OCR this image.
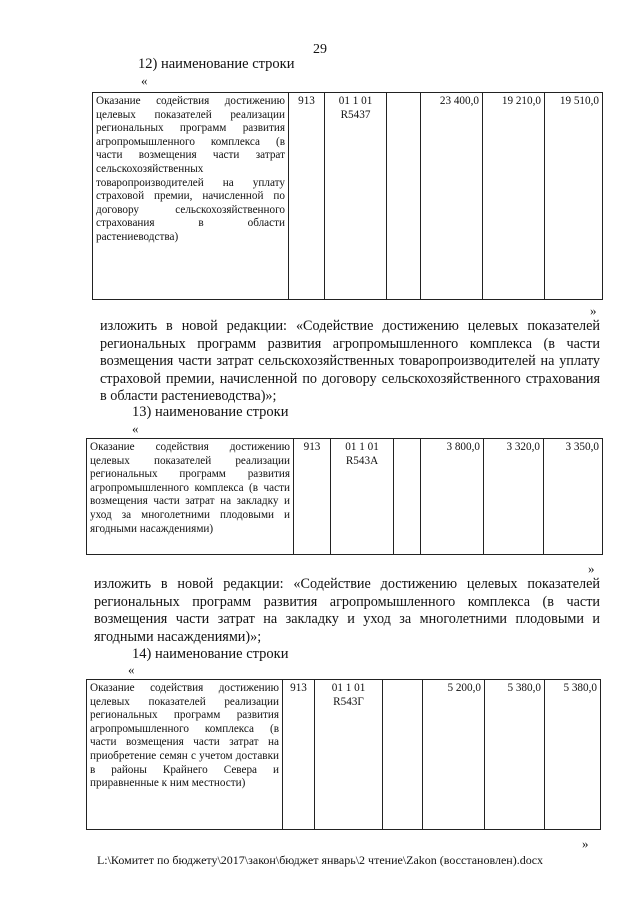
29
12) наименование строки
«
Оказание содействия достижению целевых показателей реализации региональных программ развития агропромышленного комплекса (в части возмещения части затрат сельскохозяйственных товаропроизводителей на уплату страховой премии, начисленной по договору сельскохозяйственного страхования в области растениеводства)	913	01 1 01
R5437		23 400,0	19 210,0	19 510,0
»

изложить в новой редакции: «Содействие достижению целевых показателей региональных программ развития агропромышленного комплекса (в части возмещения части затрат сельскохозяйственных товаропроизводителей на уплату страховой премии, начисленной по договору сельскохозяйственного страхования в области растениеводства)»;

13) наименование строки
«
Оказание содействия достижению целевых показателей реализации региональных программ развития агропромышленного комплекса (в части возмещения части затрат на закладку и уход за многолетними плодовыми и ягодными насаждениями)	913	01 1 01
R543A		3 800,0	3 320,0	3 350,0
»

изложить в новой редакции: «Содействие достижению целевых показателей региональных программ развития агропромышленного комплекса (в части возмещения части затрат на закладку и уход за многолетними плодовыми и ягодными насаждениями)»;

14) наименование строки
«
Оказание содействия достижению целевых показателей реализации региональных программ развития агропромышленного комплекса (в части возмещения части затрат на приобретение семян с учетом доставки в районы Крайнего Севера и приравненные к ним местности)	913	01 1 01
R543Г		5 200,0	5 380,0	5 380,0
»
L:\Комитет по бюджету\2017\закон\бюджет январь\2 чтение\Zakon (восстановлен).docx
